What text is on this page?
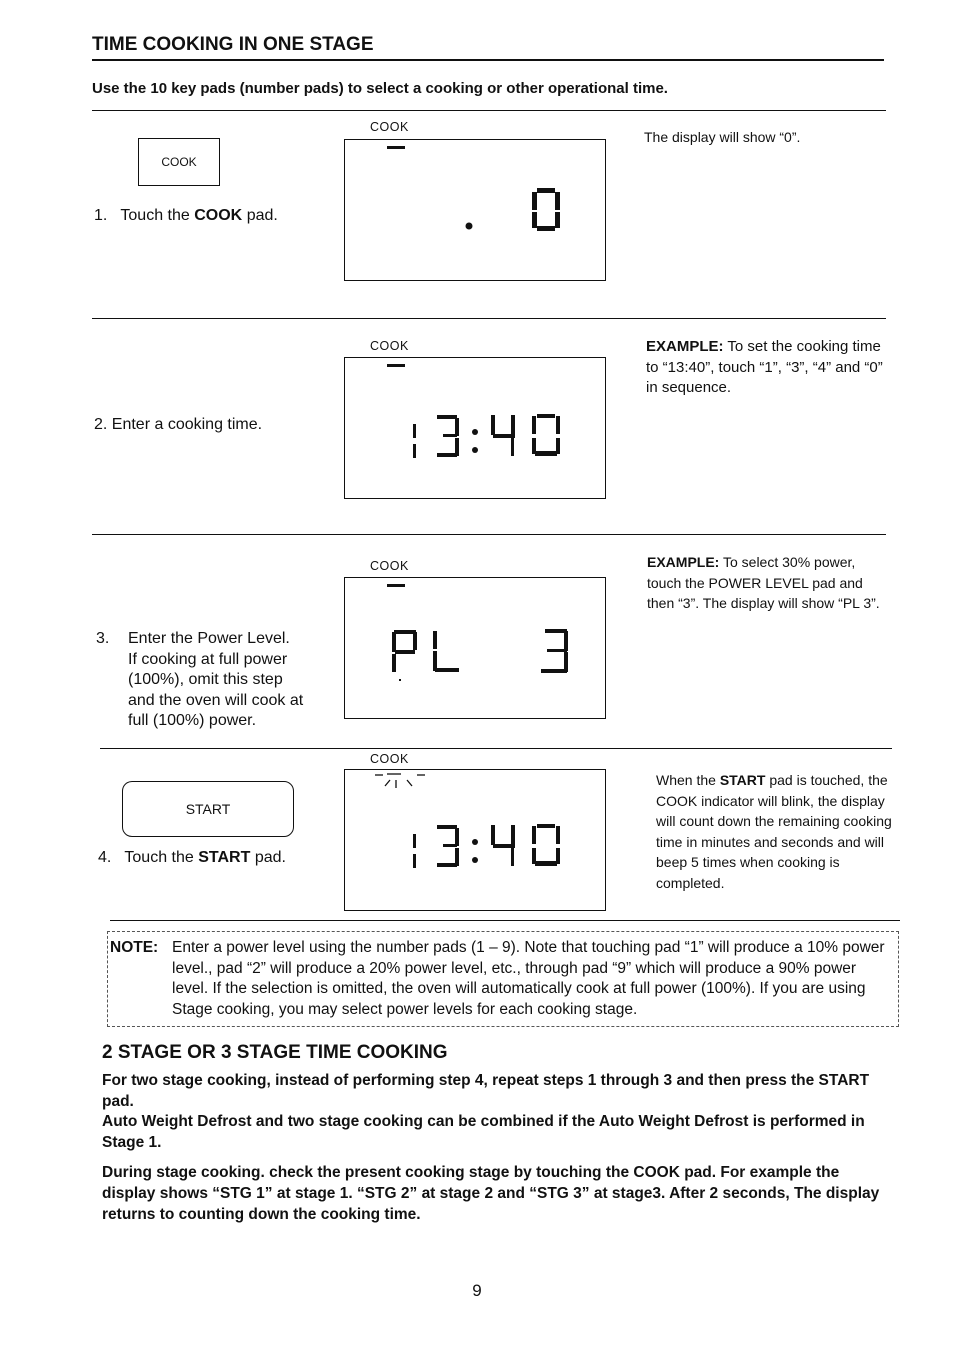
TIME COOKING IN ONE STAGE
Use the 10 key pads (number pads) to select a cooking or other operational time.
COOK
1. Touch the COOK pad.
COOK
The display will show “0”.
2. Enter a cooking time.
COOK	EXAMPLE: To set the cooking time to “13:40”, touch “1”, “3”, “4” and “0” in sequence.
3. Enter the Power Level.
If cooking at full power
(100%), omit this step
and the oven will cook at
full (100%) power.
COOK	EXAMPLE: To select 30% power, touch the POWER LEVEL pad and then “3”. The display will show “PL 3”.
START
4. Touch the START pad.
COOK
When the START pad is touched, the COOK indicator will blink, the display will count down the remaining cooking time in minutes and seconds and will beep 5 times when cooking is completed.
NOTE: Enter a power level using the number pads (1 – 9). Note that touching pad “1” will produce a 10% power level., pad “2” will produce a 20% power level, etc., through pad “9” which will produce a 90% power level. If the selection is omitted, the oven will automatically cook at full power (100%). If you are using Stage cooking, you may select power levels for each cooking stage.
2 STAGE OR 3 STAGE TIME COOKING
For two stage cooking, instead of performing step 4, repeat steps 1 through 3 and then press the START pad.
Auto Weight Defrost and two stage cooking can be combined if the Auto Weight Defrost is performed in Stage 1.
During stage cooking. check the present cooking stage by touching the COOK pad. For example the display shows “STG 1” at stage 1. “STG 2” at stage 2 and “STG 3” at stage3. After 2 seconds, The display returns to counting down the cooking time.
9
